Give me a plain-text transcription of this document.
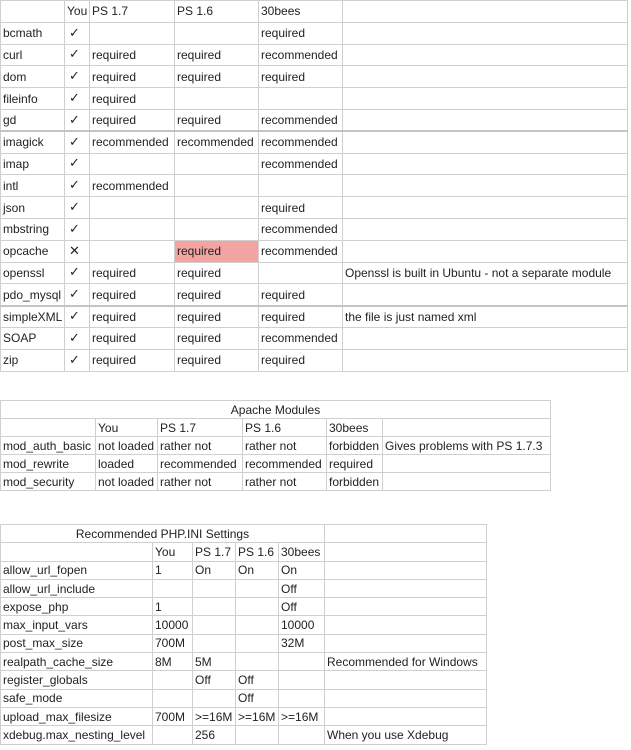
	You	PS 1.7	PS 1.6	30bees	
bcmath	✓			required	
curl	✓	required	required	recommended	
dom	✓	required	required	required	
fileinfo	✓	required			
gd	✓	required	required	recommended	
imagick	✓	recommended	recommended	recommended	
imap	✓			recommended	
intl	✓	recommended			
json	✓			required	
mbstring	✓			recommended	
opcache	✕		required	recommended	
openssl	✓	required	required		Openssl is built in Ubuntu - not a separate module
pdo_mysql	✓	required	required	required	
simpleXML	✓	required	required	required	the file is just named xml
SOAP	✓	required	required	recommended	
zip	✓	required	required	required	
Apache Modules					
	You	PS 1.7	PS 1.6	30bees	
mod_auth_basic	not loaded	rather not	rather not	forbidden	Gives problems with PS 1.7.3
mod_rewrite	loaded	recommended	recommended	required	
mod_security	not loaded	rather not	rather not	forbidden	
Recommended PHP.INI Settings					
	You	PS 1.7	PS 1.6	30bees	
allow_url_fopen	1	On	On	On	
allow_url_include				Off	
expose_php	1			Off	
max_input_vars	10000			10000	
post_max_size	700M			32M	
realpath_cache_size	8M	5M			Recommended for Windows
register_globals		Off	Off		
safe_mode			Off		
upload_max_filesize	700M	>=16M	>=16M	>=16M	
xdebug.max_nesting_level		256			When you use Xdebug
